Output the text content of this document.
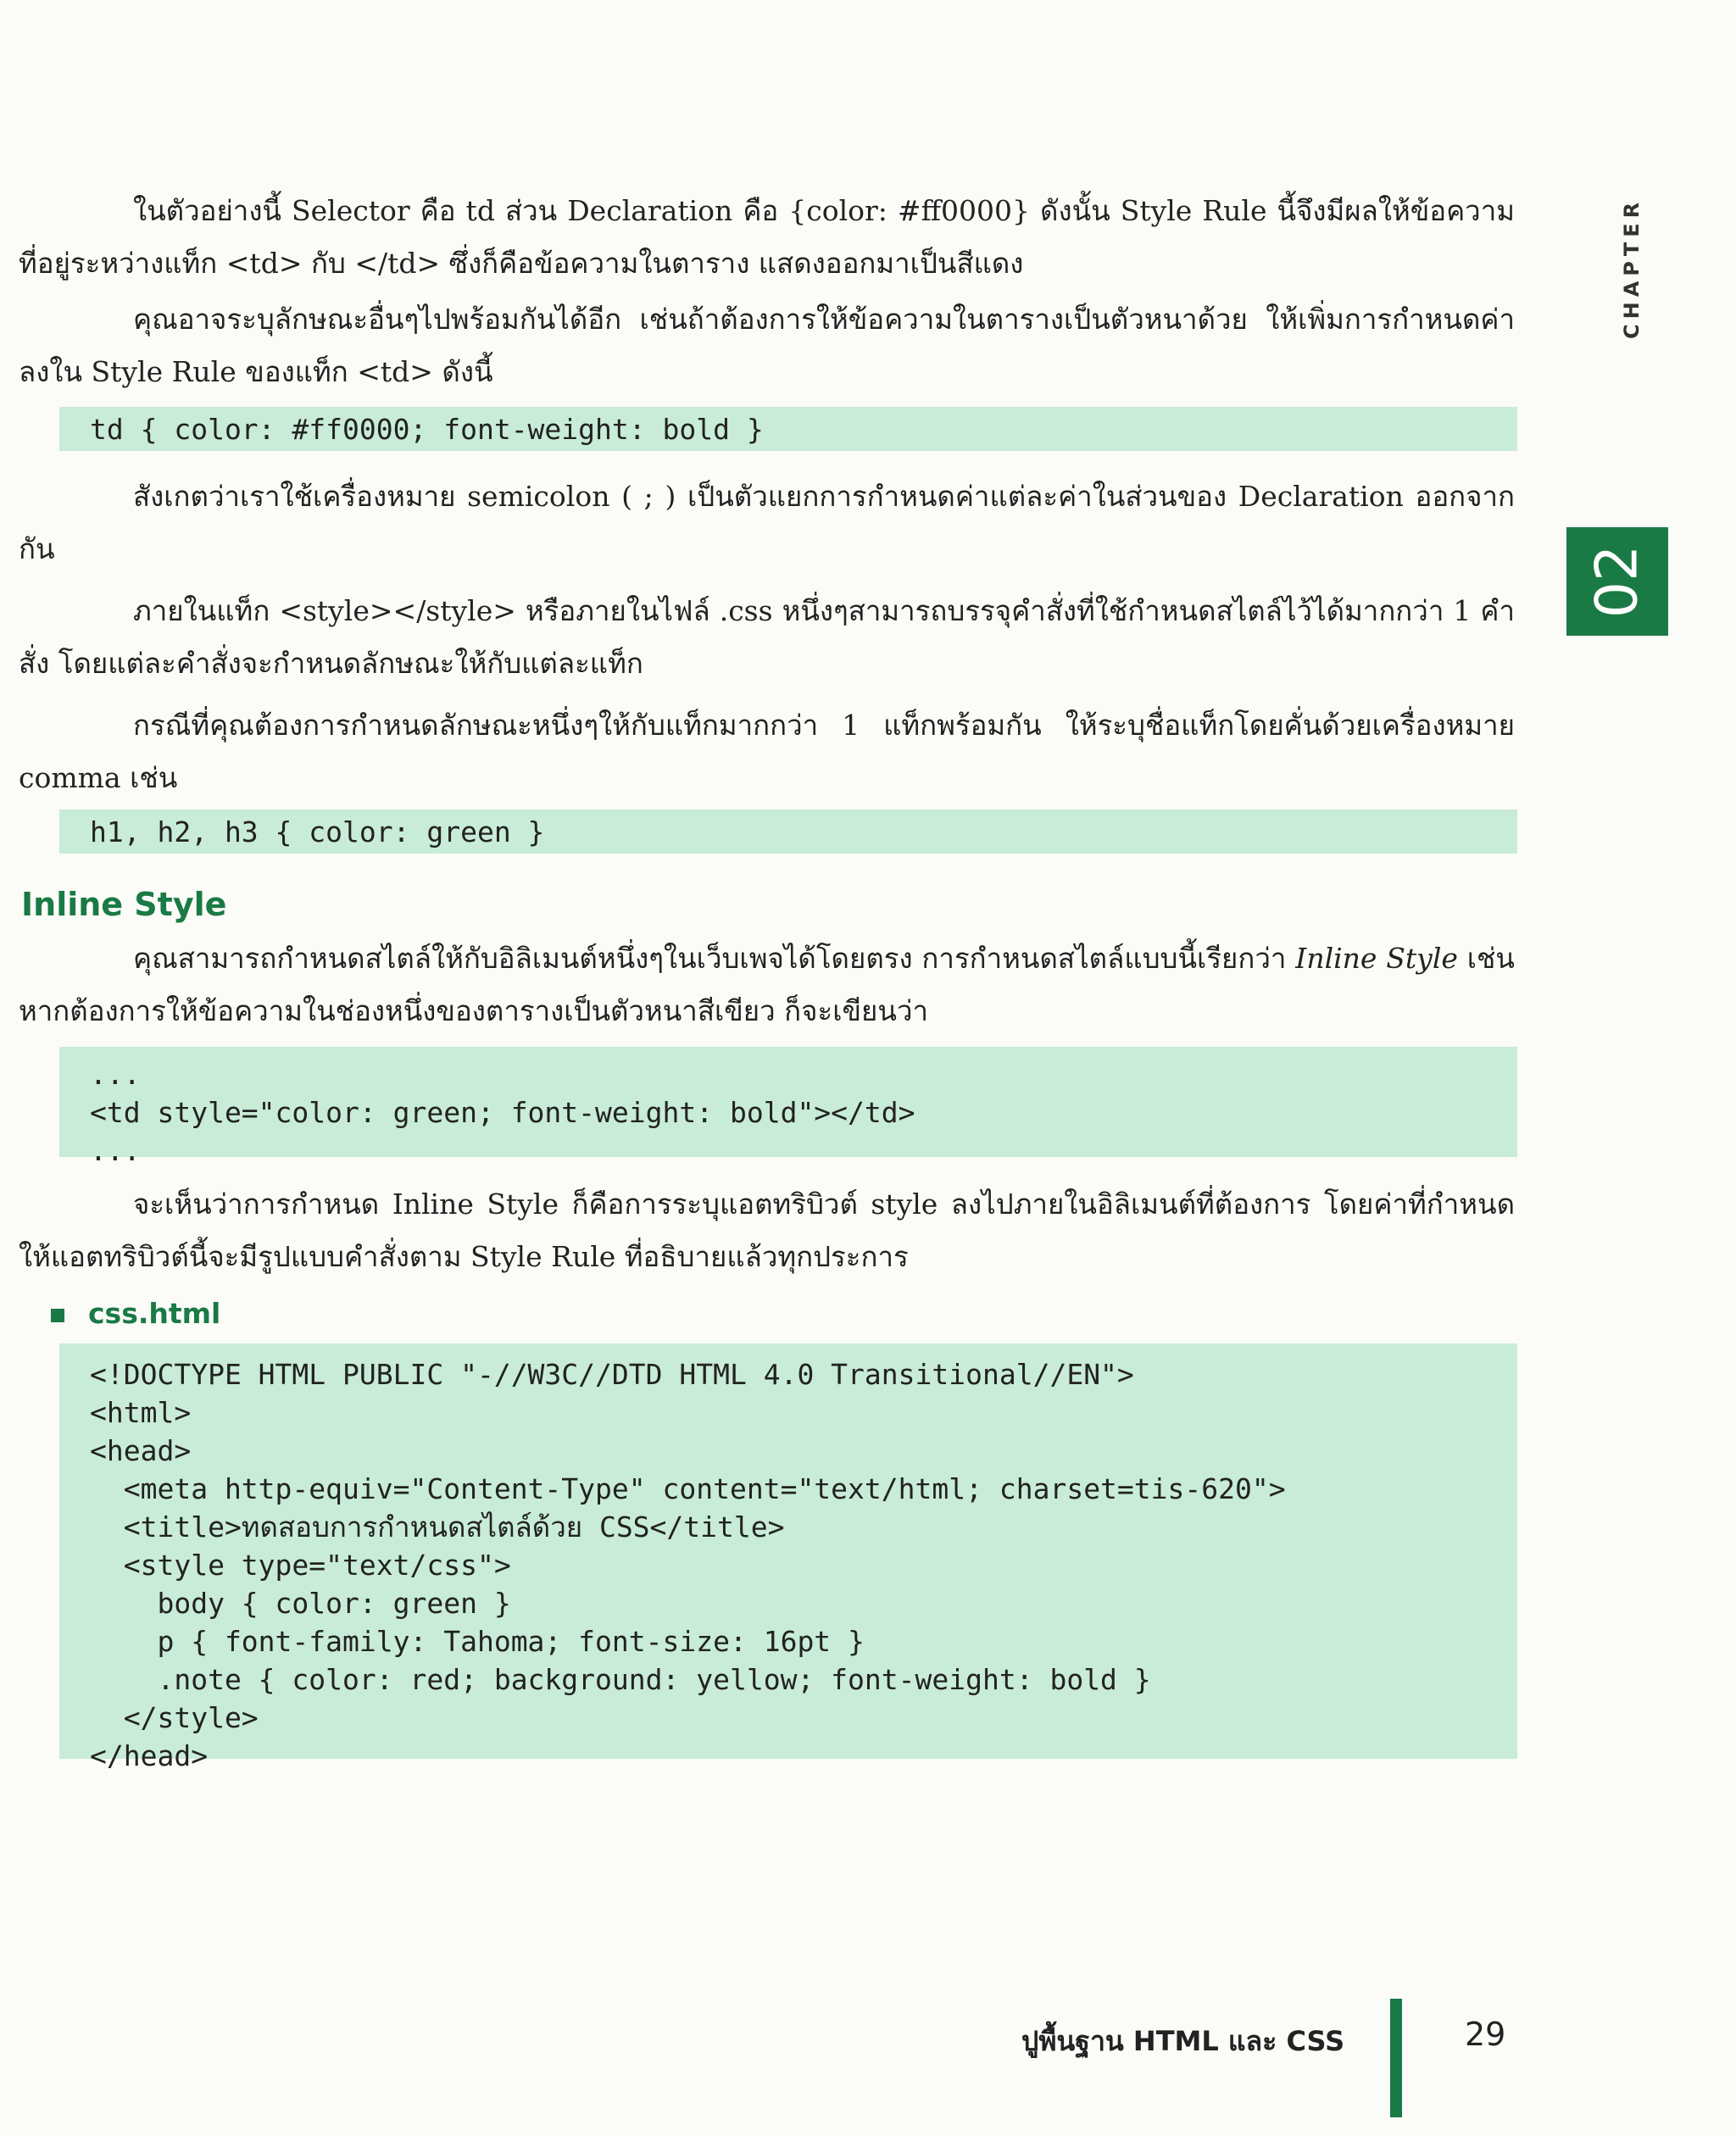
CHAPTER
02
ในตัวอย่างนี้ Selector คือ td ส่วน Declaration คือ {color: #ff0000} ดังนั้น Style Rule นี้จึงมีผลให้ข้อความที่อยู่ระหว่างแท็ก <td> กับ </td> ซึ่งก็คือข้อความในตาราง แสดงออกมาเป็นสีแดง
คุณอาจระบุลักษณะอื่นๆไปพร้อมกันได้อีก เช่นถ้าต้องการให้ข้อความในตารางเป็นตัวหนาด้วย ให้เพิ่มการกำหนดค่าลงใน Style Rule ของแท็ก <td> ดังนี้
td { color: #ff0000; font-weight: bold }
สังเกตว่าเราใช้เครื่องหมาย semicolon ( ; ) เป็นตัวแยกการกำหนดค่าแต่ละค่าในส่วนของ Declaration ออกจากกัน
ภายในแท็ก <style></style> หรือภายในไฟล์ .css หนึ่งๆสามารถบรรจุคำสั่งที่ใช้กำหนดสไตล์ไว้ได้มากกว่า 1 คำสั่ง โดยแต่ละคำสั่งจะกำหนดลักษณะให้กับแต่ละแท็ก
กรณีที่คุณต้องการกำหนดลักษณะหนึ่งๆให้กับแท็กมากกว่า 1 แท็กพร้อมกัน ให้ระบุชื่อแท็กโดยคั่นด้วยเครื่องหมาย comma เช่น
h1, h2, h3 { color: green }
Inline Style
คุณสามารถกำหนดสไตล์ให้กับอิลิเมนต์หนึ่งๆในเว็บเพจได้โดยตรง การกำหนดสไตล์แบบนี้เรียกว่า Inline Style เช่นหากต้องการให้ข้อความในช่องหนึ่งของตารางเป็นตัวหนาสีเขียว ก็จะเขียนว่า
...
<td style="color: green; font-weight: bold"></td>
...
จะเห็นว่าการกำหนด Inline Style ก็คือการระบุแอตทริบิวต์ style ลงไปภายในอิลิเมนต์ที่ต้องการ โดยค่าที่กำหนดให้แอตทริบิวต์นี้จะมีรูปแบบคำสั่งตาม Style Rule ที่อธิบายแล้วทุกประการ
css.html
<!DOCTYPE HTML PUBLIC "-//W3C//DTD HTML 4.0 Transitional//EN">
<html>
<head>
<meta http-equiv="Content-Type" content="text/html; charset=tis-620">
<title>ทดสอบการกำหนดสไตล์ด้วย CSS</title>
<style type="text/css">
body { color: green }
p { font-family: Tahoma; font-size: 16pt }
.note { color: red; background: yellow; font-weight: bold }
</style>
</head>
ปูพื้นฐาน HTML และ CSS	29
